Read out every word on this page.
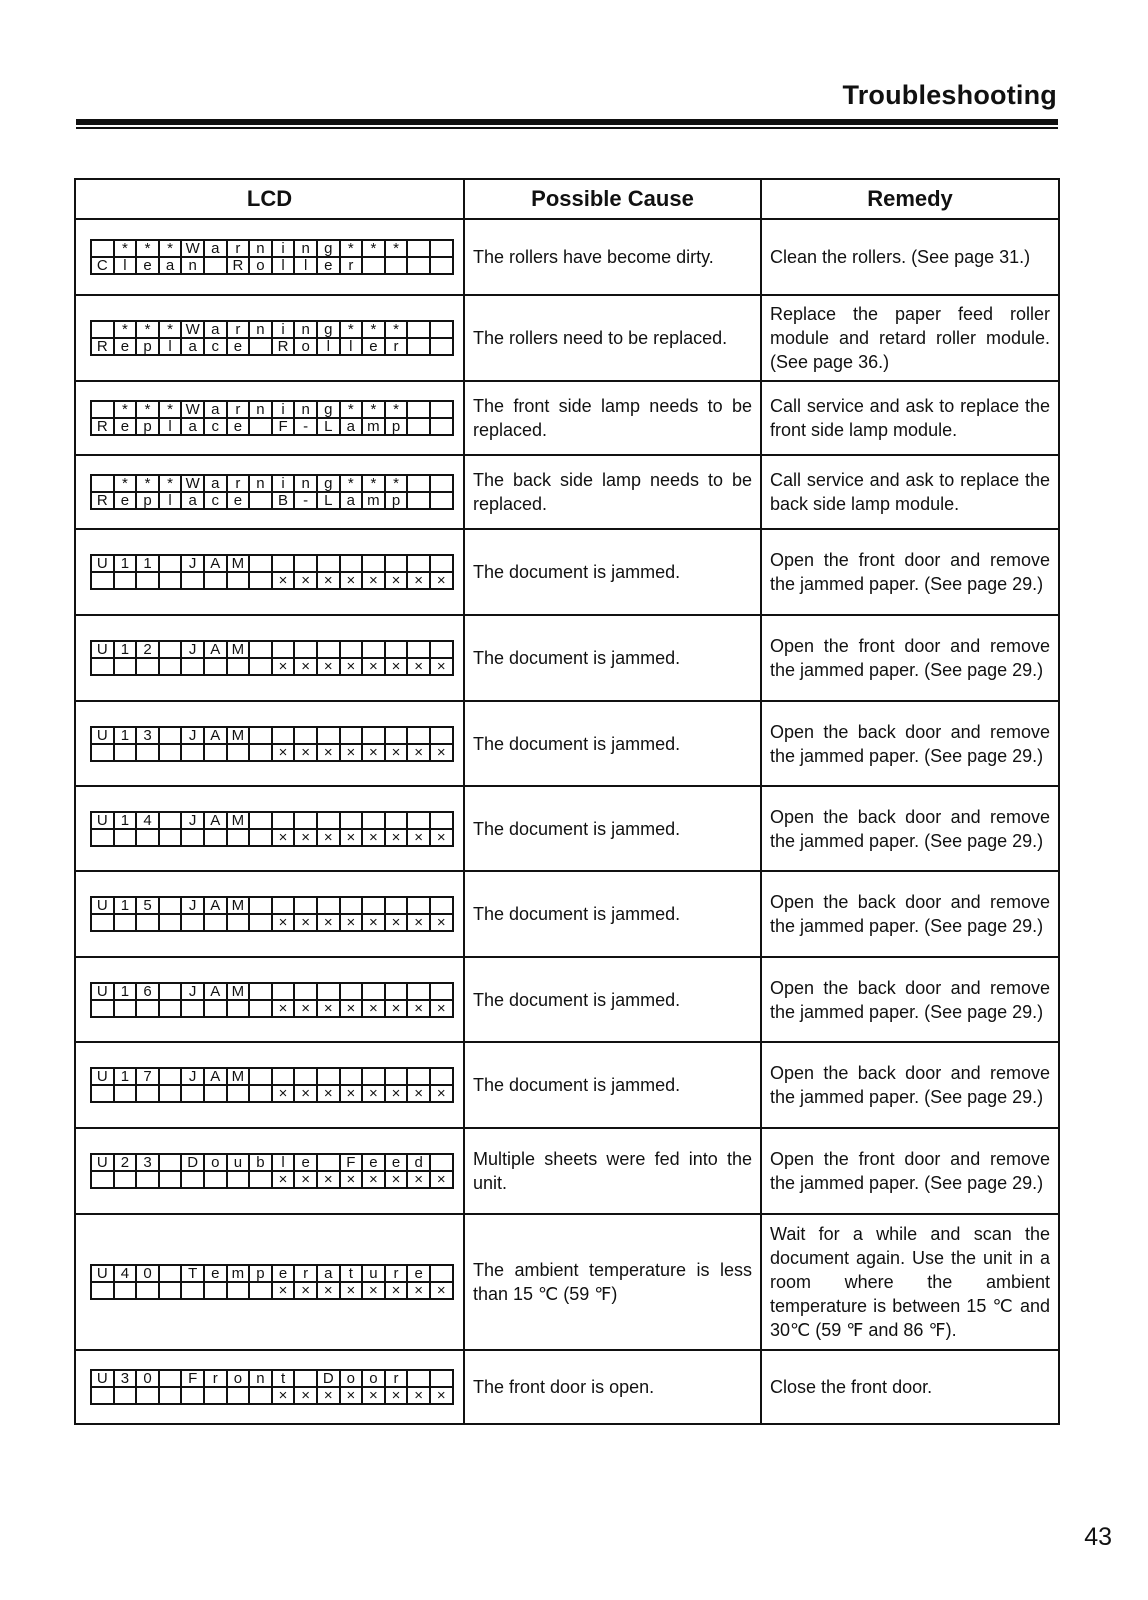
Troubleshooting
LCD	Possible Cause	Remedy

	*	*	*	W	a	r	n	i	n	g	*	*	*		
C	l	e	a	n		R	o	l	l	e	r				
		The rollers have become dirty.	Clean the rollers. (See page 31.)

	*	*	*	W	a	r	n	i	n	g	*	*	*		
R	e	p	l	a	c	e		R	o	l	l	e	r		
		The rollers need to be replaced.	Replace the paper feed roller module and retard roller module. (See page 36.)

	*	*	*	W	a	r	n	i	n	g	*	*	*		
R	e	p	l	a	c	e		F	-	L	a	m	p		
	The front side lamp needs to be replaced.	Call service and ask to replace the front side lamp module.

	*	*	*	W	a	r	n	i	n	g	*	*	*		
R	e	p	l	a	c	e		B	-	L	a	m	p		
	The back side lamp needs to be replaced.	Call service and ask to replace the back side lamp module.

U	1	1		J	A	M									
								×	×	×	×	×	×	×	×
	The document is jammed.	Open the front door and remove the jammed paper. (See page 29.)

U	1	2		J	A	M									
								×	×	×	×	×	×	×	×
	The document is jammed.	Open the front door and remove the jammed paper. (See page 29.)

U	1	3		J	A	M									
								×	×	×	×	×	×	×	×
	The document is jammed.	Open the back door and remove the jammed paper. (See page 29.)

U	1	4		J	A	M									
								×	×	×	×	×	×	×	×
	The document is jammed.	Open the back door and remove the jammed paper. (See page 29.)

U	1	5		J	A	M									
								×	×	×	×	×	×	×	×
	The document is jammed.	Open the back door and remove the jammed paper. (See page 29.)

U	1	6		J	A	M									
								×	×	×	×	×	×	×	×
	The document is jammed.	Open the back door and remove the jammed paper. (See page 29.)

U	1	7		J	A	M									
								×	×	×	×	×	×	×	×
	The document is jammed.	Open the back door and remove the jammed paper. (See page 29.)

U	2	3		D	o	u	b	l	e		F	e	e	d	
								×	×	×	×	×	×	×	×
	Multiple sheets were fed into the unit.	Open the front door and remove the jammed paper. (See page 29.)

U	4	0		T	e	m	p	e	r	a	t	u	r	e	
								×	×	×	×	×	×	×	×
	The ambient temperature is less than 15 ℃ (59 ℉)	Wait for a while and scan the document again. Use the unit in a room where the ambient temperature is between 15 ℃ and 30℃ (59 ℉ and 86 ℉).

U	3	0		F	r	o	n	t		D	o	o	r		
								×	×	×	×	×	×	×	×
	The front door is open.	Close the front door.
43
